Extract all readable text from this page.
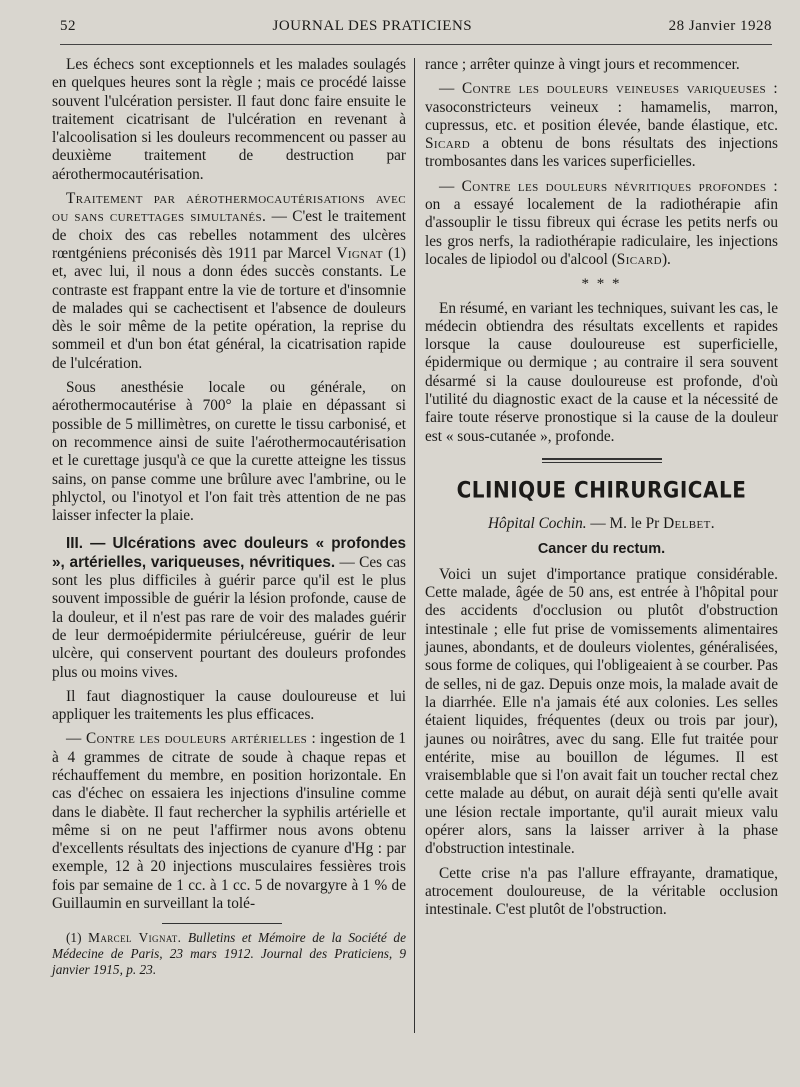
52	JOURNAL DES PRATICIENS	28 Janvier 1928

Les échecs sont exceptionnels et les malades soulagés en quelques heures sont la règle ; mais ce procédé laisse souvent l'ulcération persister. Il faut donc faire ensuite le traitement cicatrisant de l'ulcération en revenant à l'alcoolisation si les douleurs recommencent ou passer au deuxième traitement de destruction par aérothermocautérisation.

Traitement par aérothermocautérisations avec ou sans curettages simultanés. — C'est le traitement de choix des cas rebelles notamment des ulcères rœntgéniens préconisés dès 1911 par Marcel Vignat (1) et, avec lui, il nous a donn édes succès constants. Le contraste est frappant entre la vie de torture et d'insomnie de malades qui se cachectisent et l'absence de douleurs dès le soir même de la petite opération, la reprise du sommeil et d'un bon état général, la cicatrisation rapide de l'ulcération.

Sous anesthésie locale ou générale, on aérothermocautérise à 700° la plaie en dépassant si possible de 5 millimètres, on curette le tissu carbonisé, et on recommence ainsi de suite l'aérothermocautérisation et le curettage jusqu'à ce que la curette atteigne les tissus sains, on panse comme une brûlure avec l'ambrine, ou le phlyctol, ou l'inotyol et l'on fait très attention de ne pas laisser infecter la plaie.

III. — Ulcérations avec douleurs « profondes », artérielles, variqueuses, névritiques. — Ces cas sont les plus difficiles à guérir parce qu'il est le plus souvent impossible de guérir la lésion profonde, cause de la douleur, et il n'est pas rare de voir des malades guérir de leur dermoépidermite périulcéreuse, guérir de leur ulcère, qui conservent pourtant des douleurs profondes plus ou moins vives.

Il faut diagnostiquer la cause douloureuse et lui appliquer les traitements les plus efficaces.

— Contre les douleurs artérielles : ingestion de 1 à 4 grammes de citrate de soude à chaque repas et réchauffement du membre, en position horizontale. En cas d'échec on essaiera les injections d'insuline comme dans le diabète. Il faut rechercher la syphilis artérielle et même si on ne peut l'affirmer nous avons obtenu d'excellents résultats des injections de cyanure d'Hg : par exemple, 12 à 20 injections musculaires fessières trois fois par semaine de 1 cc. à 1 cc. 5 de novargyre à 1 % de Guillaumin en surveillant la tolé-

(1) Marcel Vignat. Bulletins et Mémoire de la Société de Médecine de Paris, 23 mars 1912. Journal des Praticiens, 9 janvier 1915, p. 23.

rance ; arrêter quinze à vingt jours et recommencer.

— Contre les douleurs veineuses variqueuses : vasoconstricteurs veineux : hamamelis, marron, cupressus, etc. et position élevée, bande élastique, etc. Sicard a obtenu de bons résultats des injections trombosantes dans les varices superficielles.

— Contre les douleurs névritiques profondes : on a essayé localement de la radiothérapie afin d'assouplir le tissu fibreux qui écrase les petits nerfs ou les gros nerfs, la radiothérapie radiculaire, les injections locales de lipiodol ou d'alcool (Sicard).

* * *

En résumé, en variant les techniques, suivant les cas, le médecin obtiendra des résultats excellents et rapides lorsque la cause douloureuse est superficielle, épidermique ou dermique ; au contraire il sera souvent désarmé si la cause douloureuse est profonde, d'où l'utilité du diagnostic exact de la cause et la nécessité de faire toute réserve pronostique si la cause de la douleur est « sous-cutanée », profonde.

CLINIQUE CHIRURGICALE
Hôpital Cochin. — M. le Pr Delbet.
Cancer du rectum.

Voici un sujet d'importance pratique considérable. Cette malade, âgée de 50 ans, est entrée à l'hôpital pour des accidents d'occlusion ou plutôt d'obstruction intestinale ; elle fut prise de vomissements alimentaires jaunes, abondants, et de douleurs violentes, généralisées, sous forme de coliques, qui l'obligeaient à se courber. Pas de selles, ni de gaz. Depuis onze mois, la malade avait de la diarrhée. Elle n'a jamais été aux colonies. Les selles étaient liquides, fréquentes (deux ou trois par jour), jaunes ou noirâtres, avec du sang. Elle fut traitée pour entérite, mise au bouillon de légumes. Il est vraisemblable que si l'on avait fait un toucher rectal chez cette malade au début, on aurait déjà senti qu'elle avait une lésion rectale importante, qu'il aurait mieux valu opérer alors, sans la laisser arriver à la phase d'obstruction intestinale.

Cette crise n'a pas l'allure effrayante, dramatique, atrocement douloureuse, de la véritable occlusion intestinale. C'est plutôt de l'obstruction.
